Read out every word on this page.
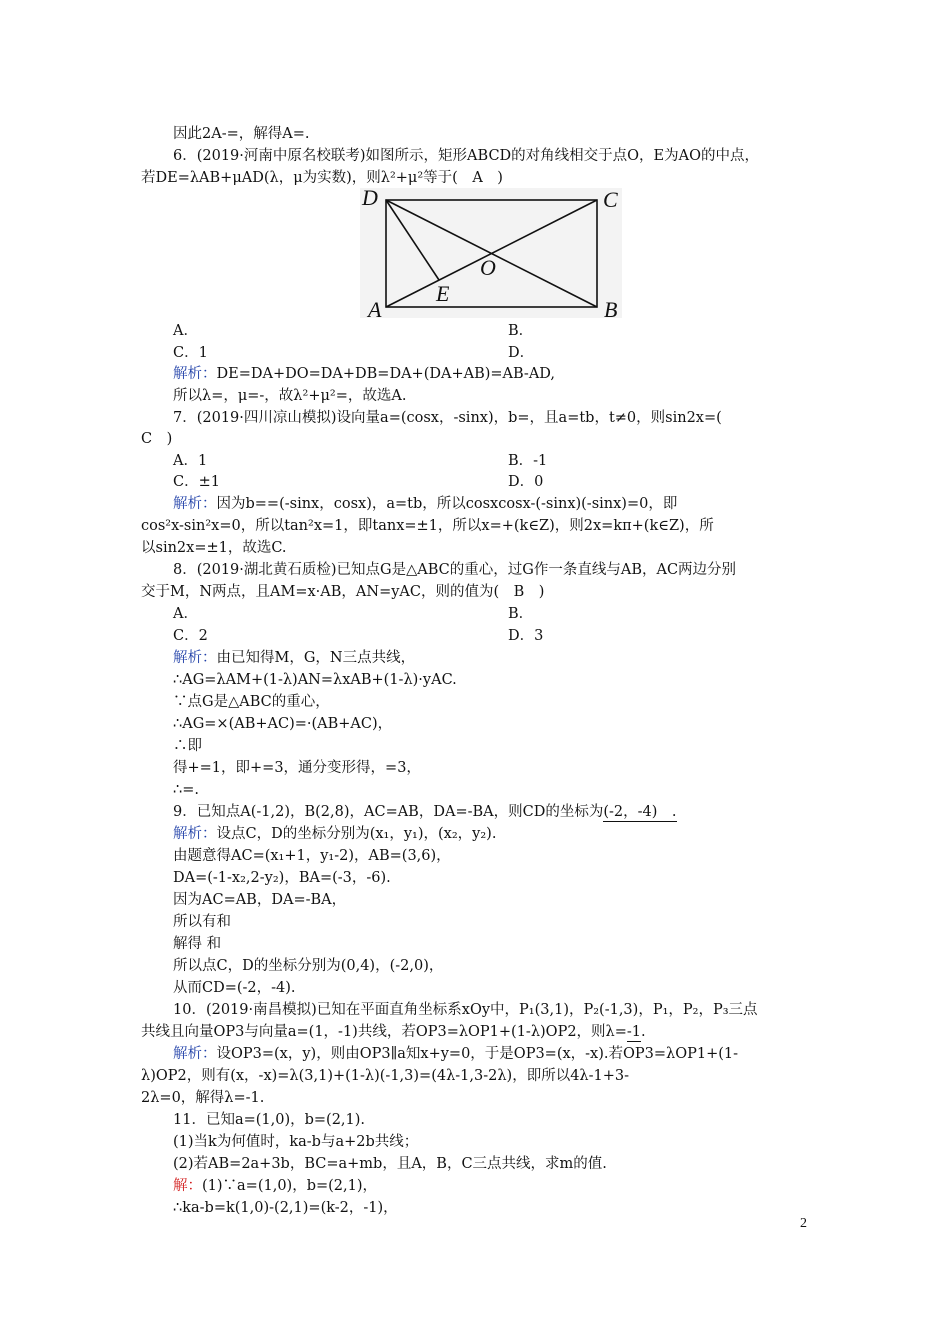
因此2A-=，解得A=.
6．(2019·河南中原名校联考)如图所示，矩形ABCD的对角线相交于点O，E为AO的中点，
若DE=λAB+μAD(λ，μ为实数)，则λ²+μ²等于(　A　)
D	C
A	B
O
E
A．	B．
C．1	D．
解析：DE=DA+DO=DA+DB=DA+(DA+AB)=AB-AD,
所以λ=，μ=-，故λ²+μ²=，故选A.
7．(2019·四川凉山模拟)设向量a=(cosx，-sinx)，b=，且a=tb，t≠0，则sin2x=(
C　)
A．1	B．-1
C．±1	D．0
解析：因为b==(-sinx，cosx)，a=tb，所以cosxcosx-(-sinx)(-sinx)=0，即
cos²x-sin²x=0，所以tan²x=1，即tanx=±1，所以x=+(k∈Z)，则2x=kπ+(k∈Z)，所
以sin2x=±1，故选C.
8．(2019·湖北黄石质检)已知点G是△ABC的重心，过G作一条直线与AB，AC两边分别
交于M，N两点，且AM=x·AB，AN=yAC，则的值为(　B　)
A．	B．
C．2	D．3
解析：由已知得M，G，N三点共线，
∴AG=λAM+(1-λ)AN=λxAB+(1-λ)·yAC.
∵点G是△ABC的重心，
∴AG=×(AB+AC)=·(AB+AC)，
∴即
得+=1，即+=3，通分变形得，=3，
∴=.
9．已知点A(-1,2)，B(2,8)，AC=AB，DA=-BA，则CD的坐标为(-2，-4)　.
解析：设点C，D的坐标分别为(x₁，y₁)，(x₂，y₂).
由题意得AC=(x₁+1，y₁-2)，AB=(3,6)，
DA=(-1-x₂,2-y₂)，BA=(-3，-6).
因为AC=AB，DA=-BA，
所以有和
解得 和
所以点C，D的坐标分别为(0,4)，(-2,0)，
从而CD=(-2，-4).
10．(2019·南昌模拟)已知在平面直角坐标系xOy中，P₁(3,1)，P₂(-1,3)，P₁，P₂，P₃三点
共线且向量OP3与向量a=(1，-1)共线，若OP3=λOP1+(1-λ)OP2，则λ=-1.
解析：设OP3=(x，y)，则由OP3∥a知x+y=0，于是OP3=(x，-x).若OP3=λOP1+(1-
λ)OP2，则有(x，-x)=λ(3,1)+(1-λ)(-1,3)=(4λ-1,3-2λ)，即所以4λ-1+3-
2λ=0，解得λ=-1.
11．已知a=(1,0)，b=(2,1).
(1)当k为何值时，ka-b与a+2b共线；
(2)若AB=2a+3b，BC=a+mb，且A，B，C三点共线，求m的值.
解：(1)∵a=(1,0)，b=(2,1)，
∴ka-b=k(1,0)-(2,1)=(k-2，-1)，
2
